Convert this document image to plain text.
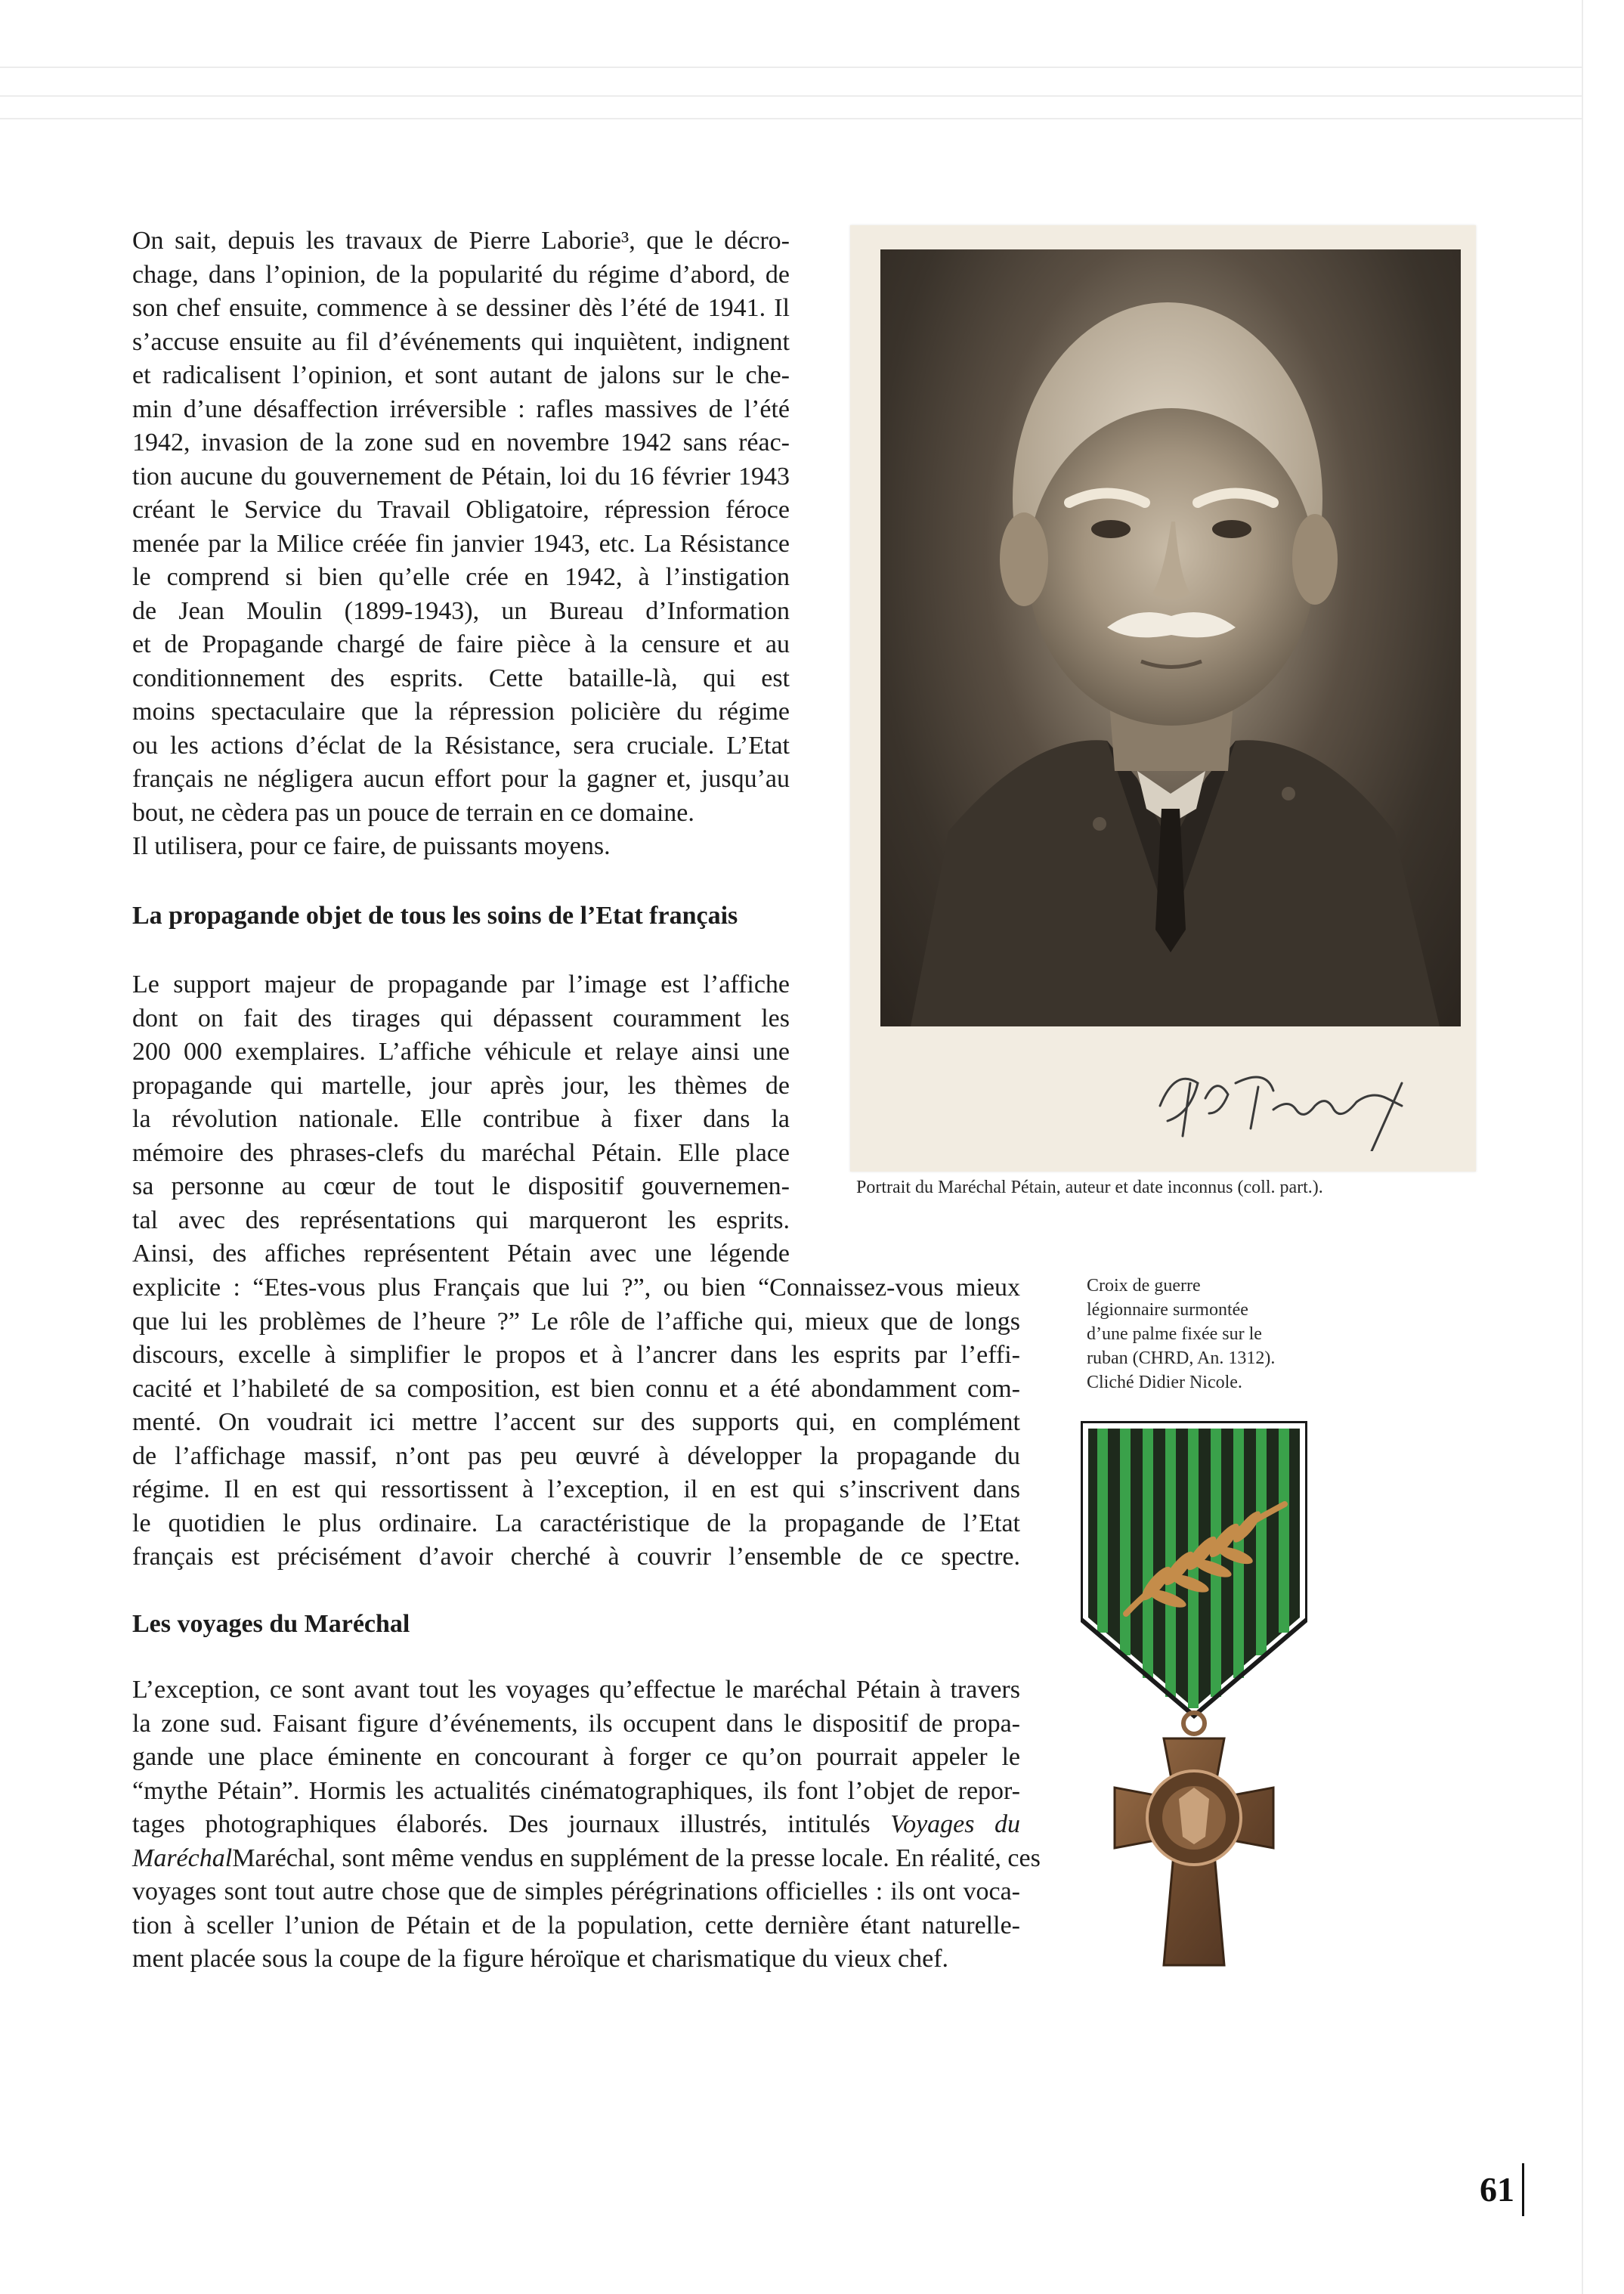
On sait, depuis les travaux de Pierre Laborie³, que le décro-
chage, dans l’opinion, de la popularité du régime d’abord, de
son chef ensuite, commence à se dessiner dès l’été de 1941. Il
s’accuse ensuite au fil d’événements qui inquiètent, indignent
et radicalisent l’opinion, et sont autant de jalons sur le che-
min d’une désaffection irréversible : rafles massives de l’été
1942, invasion de la zone sud en novembre 1942 sans réac-
tion aucune du gouvernement de Pétain, loi du 16 février 1943
créant le Service du Travail Obligatoire, répression féroce
menée par la Milice créée fin janvier 1943, etc. La Résistance
le comprend si bien qu’elle crée en 1942, à l’instigation
de Jean Moulin (1899-1943), un Bureau d’Information
et de Propagande chargé de faire pièce à la censure et au
conditionnement des esprits. Cette bataille-là, qui est
moins spectaculaire que la répression policière du régime
ou les actions d’éclat de la Résistance, sera cruciale. L’Etat
français ne négligera aucun effort pour la gagner et, jusqu’au
bout, ne cèdera pas un pouce de terrain en ce domaine.
Il utilisera, pour ce faire, de puissants moyens.
La propagande objet de tous les soins de l’Etat français
Le support majeur de propagande par l’image est l’affiche
dont on fait des tirages qui dépassent couramment les
200 000 exemplaires. L’affiche véhicule et relaye ainsi une
propagande qui martelle, jour après jour, les thèmes de
la révolution nationale. Elle contribue à fixer dans la
mémoire des phrases-clefs du maréchal Pétain. Elle place
sa personne au cœur de tout le dispositif gouvernemen-
tal avec des représentations qui marqueront les esprits.
Ainsi, des affiches représentent Pétain avec une légende
explicite : “Etes-vous plus Français que lui ?”, ou bien “Connaissez-vous mieux
que lui les problèmes de l’heure ?” Le rôle de l’affiche qui, mieux que de longs
discours, excelle à simplifier le propos et à l’ancrer dans les esprits par l’effi-
cacité et l’habileté de sa composition, est bien connu et a été abondamment com-
menté. On voudrait ici mettre l’accent sur des supports qui, en complément
de l’affichage massif, n’ont pas peu œuvré à développer la propagande du
régime. Il en est qui ressortissent à l’exception, il en est qui s’inscrivent dans
le quotidien le plus ordinaire. La caractéristique de la propagande de l’Etat
français est précisément d’avoir cherché à couvrir l’ensemble de ce spectre.
Les voyages du Maréchal
L’exception, ce sont avant tout les voyages qu’effectue le maréchal Pétain à travers
la zone sud. Faisant figure d’événements, ils occupent dans le dispositif de propa-
gande une place éminente en concourant à forger ce qu’on pourrait appeler le
“mythe Pétain”. Hormis les actualités cinématographiques, ils font l’objet de repor-
tages photographiques élaborés. Des journaux illustrés, intitulés Voyages du
MaréchalMaréchal, sont même vendus en supplément de la presse locale. En réalité, ces
voyages sont tout autre chose que de simples pérégrinations officielles : ils ont voca-
tion à sceller l’union de Pétain et de la population, cette dernière étant naturelle-
ment placée sous la coupe de la figure héroïque et charismatique du vieux chef.
Portrait du Maréchal Pétain, auteur et date inconnus (coll. part.).
Croix de guerre
légionnaire surmontée
d’une palme fixée sur le
ruban (CHRD, An. 1312).
Cliché Didier Nicole.
61
